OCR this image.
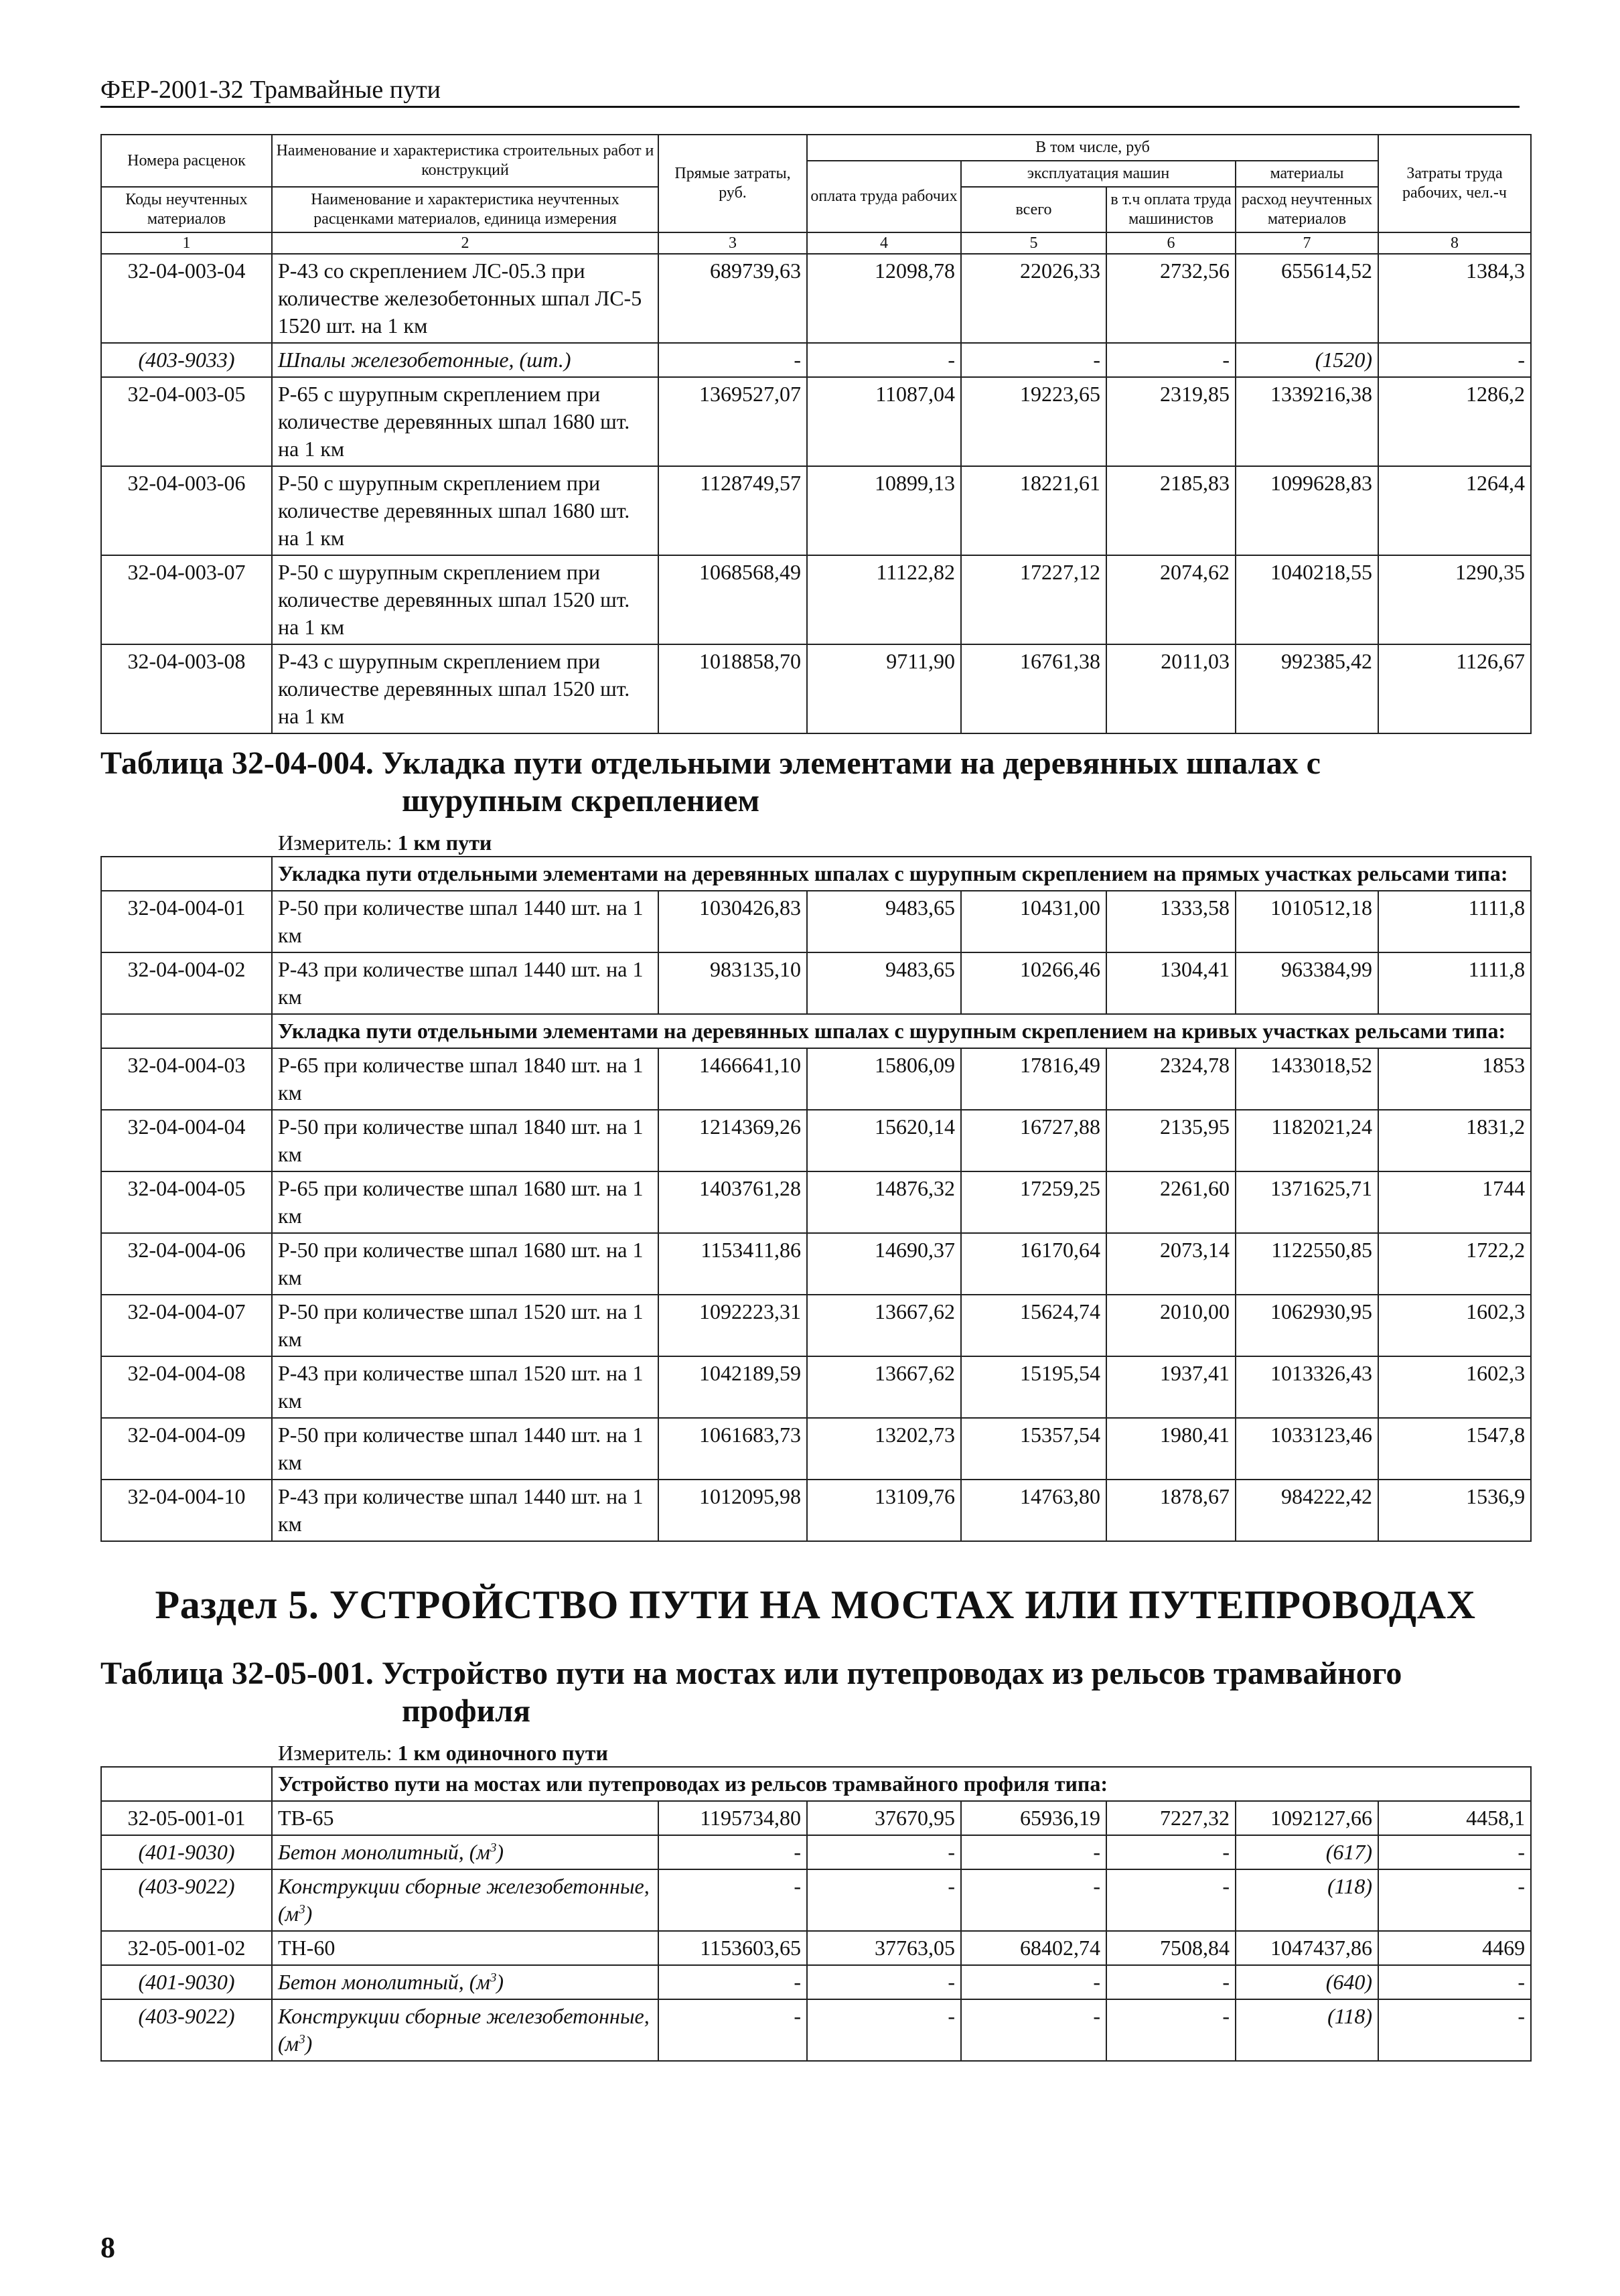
ФЕР-2001-32 Трамвайные пути
Номера расценок	Наименование и характеристика строительных работ и конструкций	Прямые затраты, руб.	В том числе, руб				Затраты труда рабочих, чел.-ч
			оплата труда рабочих	эксплуатация машин		материалы	
Коды неучтенных материалов	Наименование и характеристика неучтенных расценками материалов, единица измерения			всего	в т.ч оплата труда машинистов	расход неучтенных материалов	

1	2	3	4	5	6	7	8
32-04-003-04	Р-43 со скреплением ЛС-05.3 при количестве железобетонных шпал ЛС-5 1520 шт. на 1 км	689739,63	12098,78	22026,33	2732,56	655614,52	1384,3
(403-9033)	Шпалы железобетонные, (шт.)	-	-	-	-	(1520)	-
32-04-003-05	Р-65 с шурупным скреплением при количестве деревянных шпал 1680 шт. на 1 км	1369527,07	11087,04	19223,65	2319,85	1339216,38	1286,2
32-04-003-06	Р-50 с шурупным скреплением при количестве деревянных шпал 1680 шт. на 1 км	1128749,57	10899,13	18221,61	2185,83	1099628,83	1264,4
32-04-003-07	Р-50 с шурупным скреплением при количестве деревянных шпал 1520 шт. на 1 км	1068568,49	11122,82	17227,12	2074,62	1040218,55	1290,35
32-04-003-08	Р-43 с шурупным скреплением при количестве деревянных шпал 1520 шт. на 1 км	1018858,70	9711,90	16761,38	2011,03	992385,42	1126,67
Таблица 32-04-004. Укладка пути отдельными элементами на деревянных шпалах с
шурупным скреплением
Измеритель: 1 км пути
	Укладка пути отдельными элементами на деревянных шпалах с шурупным скреплением на прямых участках рельсами типа:						
32-04-004-01	Р-50 при количестве шпал 1440 шт. на 1 км	1030426,83	9483,65	10431,00	1333,58	1010512,18	1111,8
32-04-004-02	Р-43 при количестве шпал 1440 шт. на 1 км	983135,10	9483,65	10266,46	1304,41	963384,99	1111,8
	Укладка пути отдельными элементами на деревянных шпалах с шурупным скреплением на кривых участках рельсами типа:						
32-04-004-03	Р-65 при количестве шпал 1840 шт. на 1 км	1466641,10	15806,09	17816,49	2324,78	1433018,52	1853
32-04-004-04	Р-50 при количестве шпал 1840 шт. на 1 км	1214369,26	15620,14	16727,88	2135,95	1182021,24	1831,2
32-04-004-05	Р-65 при количестве шпал 1680 шт. на 1 км	1403761,28	14876,32	17259,25	2261,60	1371625,71	1744
32-04-004-06	Р-50 при количестве шпал 1680 шт. на 1 км	1153411,86	14690,37	16170,64	2073,14	1122550,85	1722,2
32-04-004-07	Р-50 при количестве шпал 1520 шт. на 1 км	1092223,31	13667,62	15624,74	2010,00	1062930,95	1602,3
32-04-004-08	Р-43 при количестве шпал 1520 шт. на 1 км	1042189,59	13667,62	15195,54	1937,41	1013326,43	1602,3
32-04-004-09	Р-50 при количестве шпал 1440 шт. на 1 км	1061683,73	13202,73	15357,54	1980,41	1033123,46	1547,8
32-04-004-10	Р-43 при количестве шпал 1440 шт. на 1 км	1012095,98	13109,76	14763,80	1878,67	984222,42	1536,9
Раздел 5. УСТРОЙСТВО ПУТИ НА МОСТАХ ИЛИ ПУТЕПРОВОДАХ
Таблица 32-05-001. Устройство пути на мостах или путепроводах из рельсов трамвайного
профиля
Измеритель: 1 км одиночного пути
	Устройство пути на мостах или путепроводах из рельсов трамвайного профиля типа:						
32-05-001-01	ТВ-65	1195734,80	37670,95	65936,19	7227,32	1092127,66	4458,1
(401-9030)	Бетон монолитный, $(м^3)$	-	-	-	-	(617)	-
(403-9022)	Конструкции сборные железобетонные, $(м^3)$	-	-	-	-	(118)	-
32-05-001-02	ТН-60	1153603,65	37763,05	68402,74	7508,84	1047437,86	4469
(401-9030)	Бетон монолитный, $(м^3)$	-	-	-	-	(640)	-
(403-9022)	Конструкции сборные железобетонные, $(м^3)$	-	-	-	-	(118)	-
8
